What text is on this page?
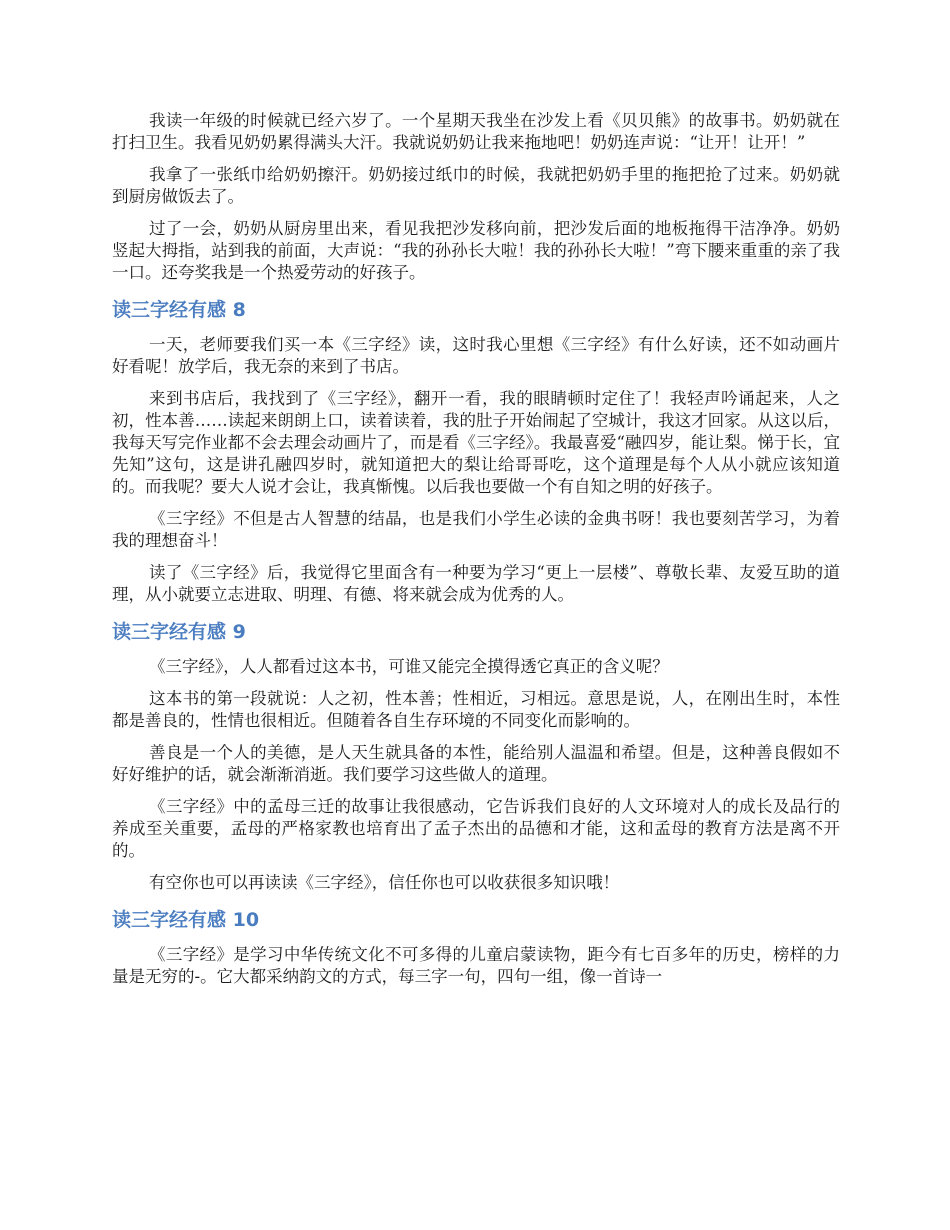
我读一年级的时候就已经六岁了。一个星期天我坐在沙发上看《贝贝熊》的故事书。奶奶就在打扫卫生。我看见奶奶累得满头大汗。我就说奶奶让我来拖地吧！奶奶连声说：“让开！让开！”

我拿了一张纸巾给奶奶擦汗。奶奶接过纸巾的时候，我就把奶奶手里的拖把抢了过来。奶奶就到厨房做饭去了。

过了一会，奶奶从厨房里出来，看见我把沙发移向前，把沙发后面的地板拖得干洁净净。奶奶竖起大拇指，站到我的前面，大声说：“我的孙孙长大啦！我的孙孙长大啦！”弯下腰来重重的亲了我一口。还夸奖我是一个热爱劳动的好孩子。

读三字经有感 8

一天，老师要我们买一本《三字经》读，这时我心里想《三字经》有什么好读，还不如动画片好看呢！放学后，我无奈的来到了书店。

来到书店后，我找到了《三字经》，翻开一看，我的眼睛顿时定住了！我轻声吟诵起来，人之初，性本善……读起来朗朗上口，读着读着，我的肚子开始闹起了空城计，我这才回家。从这以后，我每天写完作业都不会去理会动画片了，而是看《三字经》。我最喜爱“融四岁，能让梨。悌于长，宜先知”这句，这是讲孔融四岁时，就知道把大的梨让给哥哥吃，这个道理是每个人从小就应该知道的。而我呢？要大人说才会让，我真惭愧。以后我也要做一个有自知之明的好孩子。

《三字经》不但是古人智慧的结晶，也是我们小学生必读的金典书呀！我也要刻苦学习，为着我的理想奋斗！

读了《三字经》后，我觉得它里面含有一种要为学习“更上一层楼”、尊敬长辈、友爱互助的道理，从小就要立志进取、明理、有德、将来就会成为优秀的人。

读三字经有感 9

《三字经》，人人都看过这本书，可谁又能完全摸得透它真正的含义呢？

这本书的第一段就说：人之初，性本善；性相近，习相远。意思是说，人，在刚出生时，本性都是善良的，性情也很相近。但随着各自生存环境的不同变化而影响的。

善良是一个人的美德，是人天生就具备的本性，能给别人温温和希望。但是，这种善良假如不好好维护的话，就会渐渐消逝。我们要学习这些做人的道理。

《三字经》中的孟母三迁的故事让我很感动，它告诉我们良好的人文环境对人的成长及品行的养成至关重要，孟母的严格家教也培育出了孟子杰出的品德和才能，这和孟母的教育方法是离不开的。

有空你也可以再读读《三字经》，信任你也可以收获很多知识哦！

读三字经有感 10

《三字经》是学习中华传统文化不可多得的儿童启蒙读物，距今有七百多年的历史，榜样的力量是无穷的-。它大都采纳韵文的方式，每三字一句，四句一组，像一首诗一
